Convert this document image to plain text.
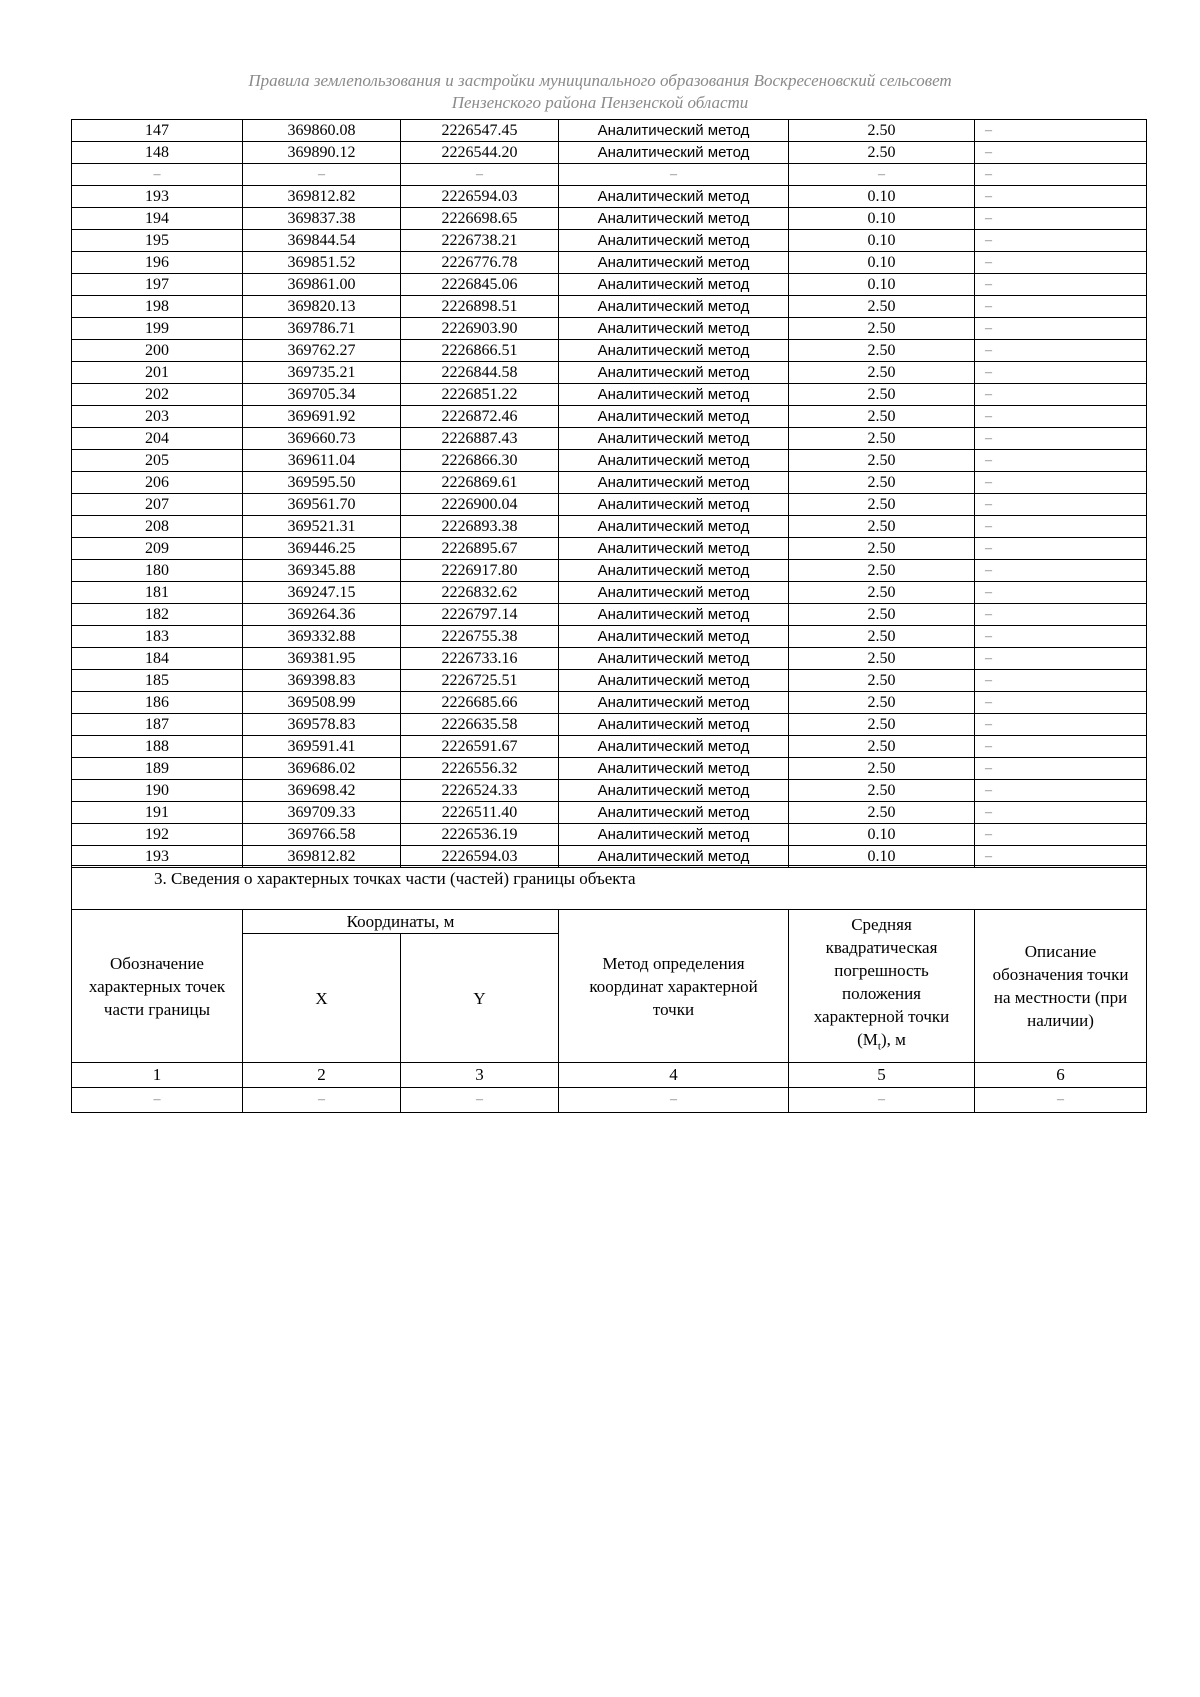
Правила землепользования и застройки муниципального образования Воскресеновский сельсовет
Пензенского района Пензенской области
147	369860.08	2226547.45	Аналитический метод	2.50	–
148	369890.12	2226544.20	Аналитический метод	2.50	–
–	–	–	–	–	–
193	369812.82	2226594.03	Аналитический метод	0.10	–
194	369837.38	2226698.65	Аналитический метод	0.10	–
195	369844.54	2226738.21	Аналитический метод	0.10	–
196	369851.52	2226776.78	Аналитический метод	0.10	–
197	369861.00	2226845.06	Аналитический метод	0.10	–
198	369820.13	2226898.51	Аналитический метод	2.50	–
199	369786.71	2226903.90	Аналитический метод	2.50	–
200	369762.27	2226866.51	Аналитический метод	2.50	–
201	369735.21	2226844.58	Аналитический метод	2.50	–
202	369705.34	2226851.22	Аналитический метод	2.50	–
203	369691.92	2226872.46	Аналитический метод	2.50	–
204	369660.73	2226887.43	Аналитический метод	2.50	–
205	369611.04	2226866.30	Аналитический метод	2.50	–
206	369595.50	2226869.61	Аналитический метод	2.50	–
207	369561.70	2226900.04	Аналитический метод	2.50	–
208	369521.31	2226893.38	Аналитический метод	2.50	–
209	369446.25	2226895.67	Аналитический метод	2.50	–
180	369345.88	2226917.80	Аналитический метод	2.50	–
181	369247.15	2226832.62	Аналитический метод	2.50	–
182	369264.36	2226797.14	Аналитический метод	2.50	–
183	369332.88	2226755.38	Аналитический метод	2.50	–
184	369381.95	2226733.16	Аналитический метод	2.50	–
185	369398.83	2226725.51	Аналитический метод	2.50	–
186	369508.99	2226685.66	Аналитический метод	2.50	–
187	369578.83	2226635.58	Аналитический метод	2.50	–
188	369591.41	2226591.67	Аналитический метод	2.50	–
189	369686.02	2226556.32	Аналитический метод	2.50	–
190	369698.42	2226524.33	Аналитический метод	2.50	–
191	369709.33	2226511.40	Аналитический метод	2.50	–
192	369766.58	2226536.19	Аналитический метод	0.10	–
193	369812.82	2226594.03	Аналитический метод	0.10	–
3. Сведения о характерных точках части (частей) границы объекта					
Обозначение характерных точек части границы	Координаты, м		Метод определения координат характерной точки	Средняя квадратическая погрешность положения характерной точки $(M_t)$, м	Описание обозначения точки на местности (при наличии)
	X	Y			
1	2	3	4	5	6
–	–	–	–	–	–
